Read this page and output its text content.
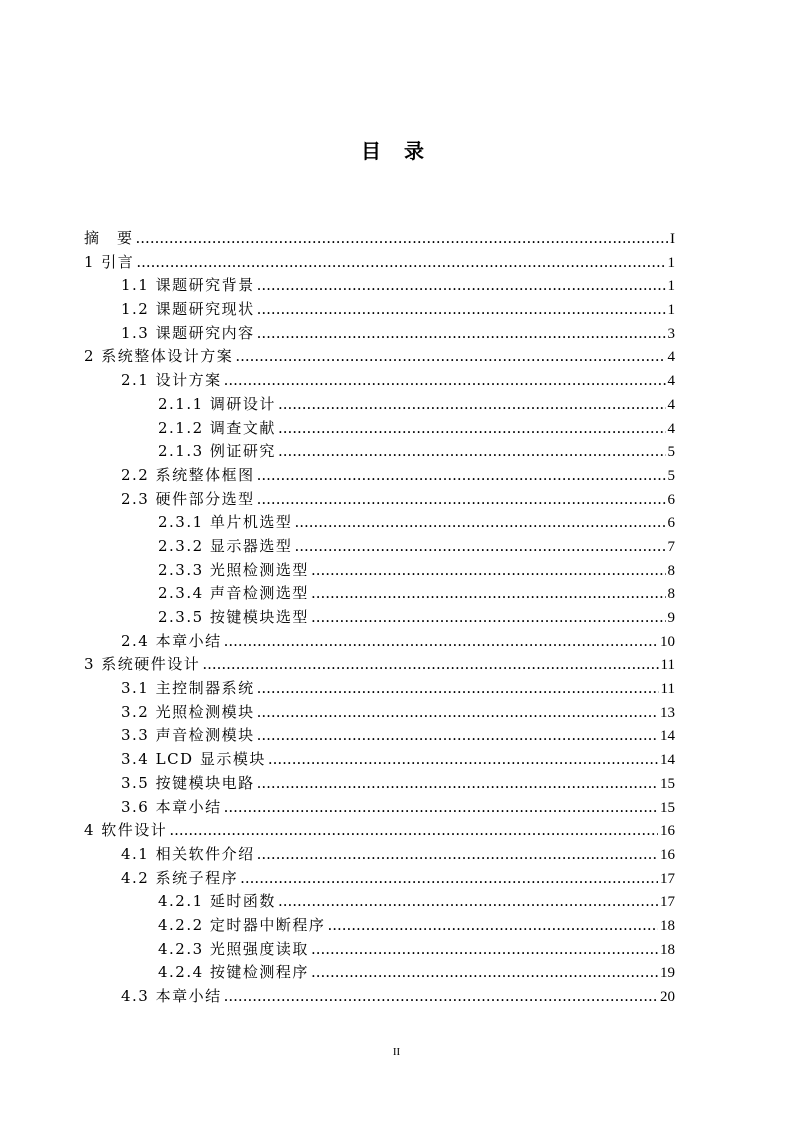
目 录
摘　要 .....	I
1 引言 .....	1
1.1 课题研究背景 .....	1
1.2 课题研究现状 .....	1
1.3 课题研究内容 .....	3
2 系统整体设计方案 .....	4
2.1 设计方案 .....	4
2.1.1 调研设计 .....	4
2.1.2 调查文献 .....	4
2.1.3 例证研究 .....	5
2.2 系统整体框图 .....	5
2.3 硬件部分选型 .....	6
2.3.1 单片机选型 .....	6
2.3.2 显示器选型 .....	7
2.3.3 光照检测选型 .....	8
2.3.4 声音检测选型 .....	8
2.3.5 按键模块选型 .....	9
2.4 本章小结 .....	10
3 系统硬件设计 .....	11
3.1 主控制器系统 .....	11
3.2 光照检测模块 .....	13
3.3 声音检测模块 .....	14
3.4 LCD 显示模块 .....	14
3.5 按键模块电路 .....	15
3.6 本章小结 .....	15
4 软件设计 .....	16
4.1 相关软件介绍 .....	16
4.2 系统子程序 .....	17
4.2.1 延时函数 .....	17
4.2.2 定时器中断程序 .....	18
4.2.3 光照强度读取 .....	18
4.2.4 按键检测程序 .....	19
4.3 本章小结 .....	20
II
